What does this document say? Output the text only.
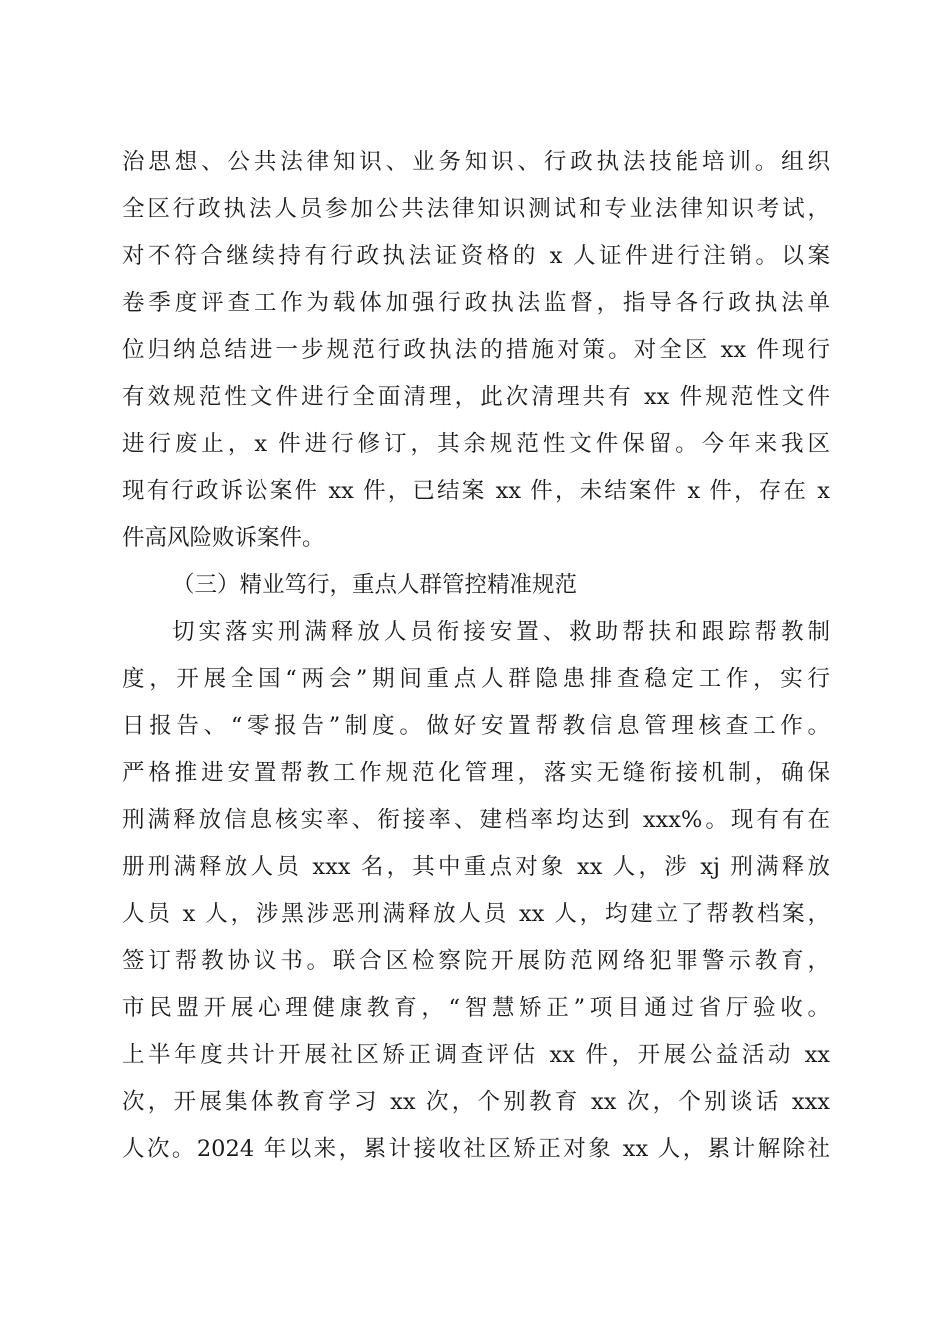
治思想、公共法律知识、业务知识、行政执法技能培训。组织
全区行政执法人员参加公共法律知识测试和专业法律知识考试，
对不符合继续持有行政执法证资格的 x 人证件进行注销。以案
卷季度评查工作为载体加强行政执法监督，指导各行政执法单
位归纳总结进一步规范行政执法的措施对策。对全区 xx 件现行
有效规范性文件进行全面清理，此次清理共有 xx 件规范性文件
进行废止，x 件进行修订，其余规范性文件保留。今年来我区
现有行政诉讼案件 xx 件，已结案 xx 件，未结案件 x 件，存在 x
件高风险败诉案件。
（三）精业笃行，重点人群管控精准规范
切实落实刑满释放人员衔接安置、救助帮扶和跟踪帮教制
度，开展全国“两会”期间重点人群隐患排查稳定工作，实行
日报告、“零报告”制度。做好安置帮教信息管理核查工作。
严格推进安置帮教工作规范化管理，落实无缝衔接机制，确保
刑满释放信息核实率、衔接率、建档率均达到 xxx%。现有有在
册刑满释放人员 xxx 名，其中重点对象 xx 人，涉 xj 刑满释放
人员 x 人，涉黑涉恶刑满释放人员 xx 人，均建立了帮教档案，
签订帮教协议书。联合区检察院开展防范网络犯罪警示教育，
市民盟开展心理健康教育，“智慧矫正”项目通过省厅验收。
上半年度共计开展社区矫正调查评估 xx 件，开展公益活动 xx
次，开展集体教育学习 xx 次，个别教育 xx 次，个别谈话 xxx
人次。2024 年以来，累计接收社区矫正对象 xx 人，累计解除社
